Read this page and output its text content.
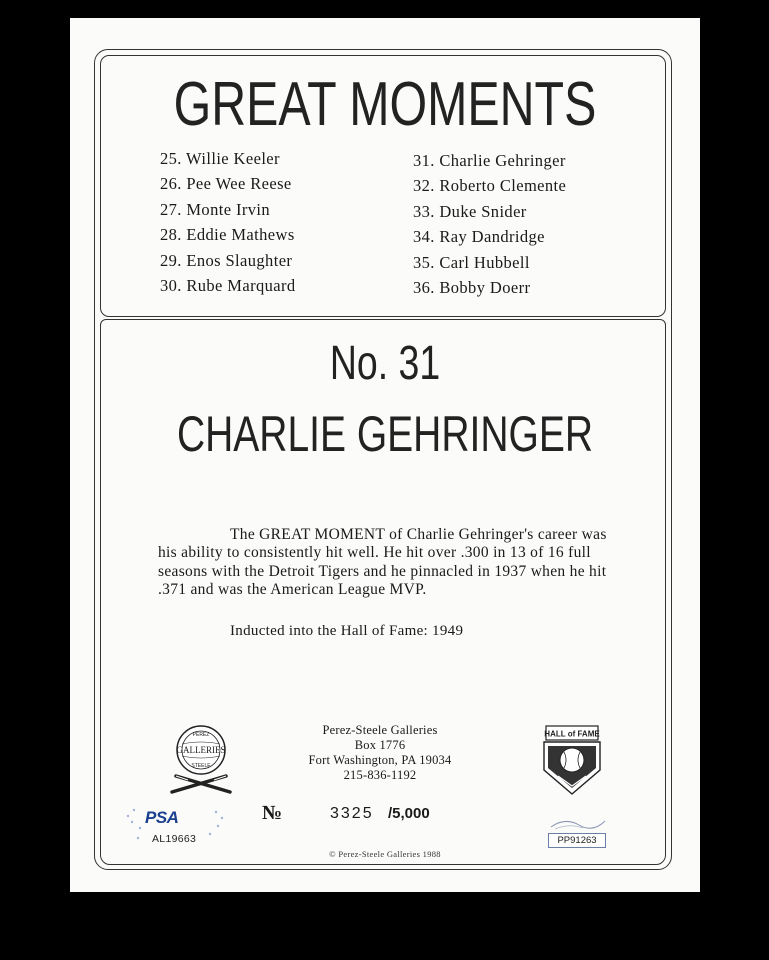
GREAT MOMENTS
25. Willie Keeler
26. Pee Wee Reese
27. Monte Irvin
28. Eddie Mathews
29. Enos Slaughter
30. Rube Marquard
31. Charlie Gehringer
32. Roberto Clemente
33. Duke Snider
34. Ray Dandridge
35. Carl Hubbell
36. Bobby Doerr
No. 31
CHARLIE GEHRINGER
The GREAT MOMENT of Charlie Gehringer's career was his ability to consistently hit well. He hit over .300 in 13 of 16 full seasons with the Detroit Tigers and he pinnacled in 1937 when he hit .371 and was the American League MVP.
Inducted into the Hall of Fame: 1949
GALLERIES
PEREZ
STEELE
Perez-Steele Galleries
Box 1776
Fort Washington, PA 19034
215-836-1192
HALL of FAME
№	3325 /5,000
© Perez-Steele Galleries 1988
PSA
AL19663	PP91263
